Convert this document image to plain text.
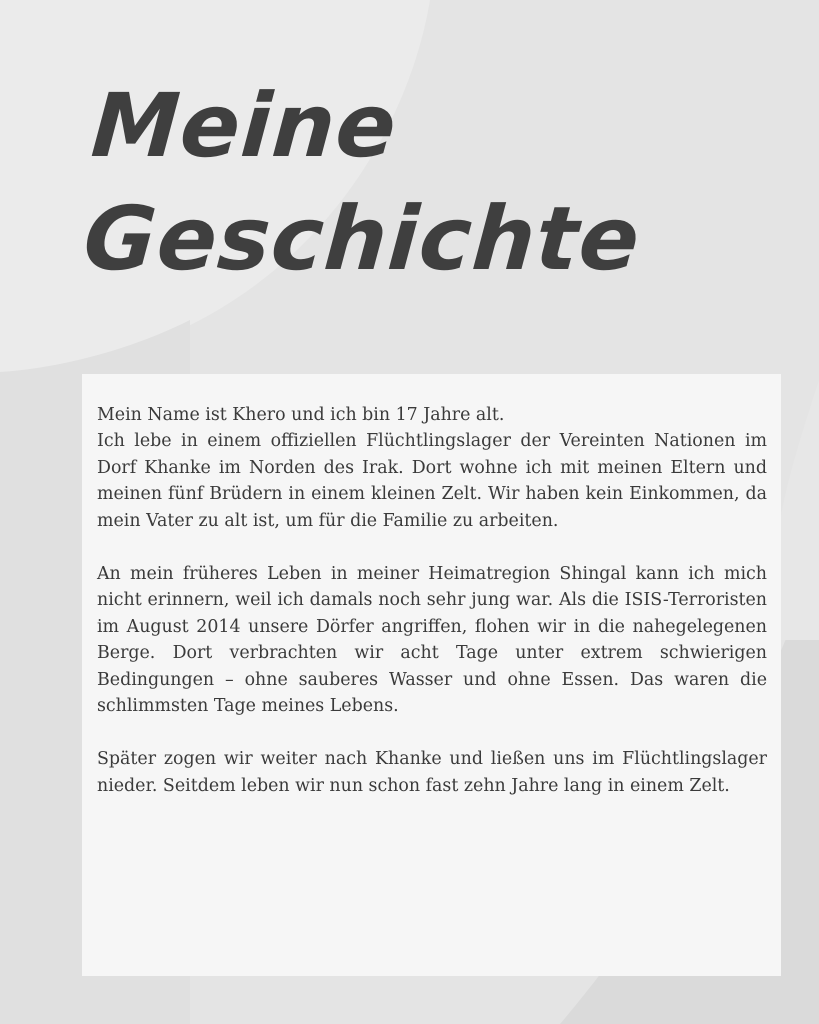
Meine
Geschichte

Mein Name ist Khero und ich bin 17 Jahre alt.
Ich lebe in einem offiziellen Flüchtlingslager der Vereinten Nationen im Dorf Khanke im Norden des Irak. Dort wohne ich mit meinen Eltern und meinen fünf Brüdern in einem kleinen Zelt. Wir haben kein Einkommen, da mein Vater zu alt ist, um für die Familie zu arbeiten.

An mein früheres Leben in meiner Heimatregion Shingal kann ich mich nicht erinnern, weil ich damals noch sehr jung war. Als die ISIS-Terroristen im August 2014 unsere Dörfer angriffen, flohen wir in die nahegelegenen Berge. Dort verbrachten wir acht Tage unter extrem schwierigen Bedingungen – ohne sauberes Wasser und ohne Essen. Das waren die schlimmsten Tage meines Lebens.

Später zogen wir weiter nach Khanke und ließen uns im Flüchtlingslager nieder. Seitdem leben wir nun schon fast zehn Jahre lang in einem Zelt.
